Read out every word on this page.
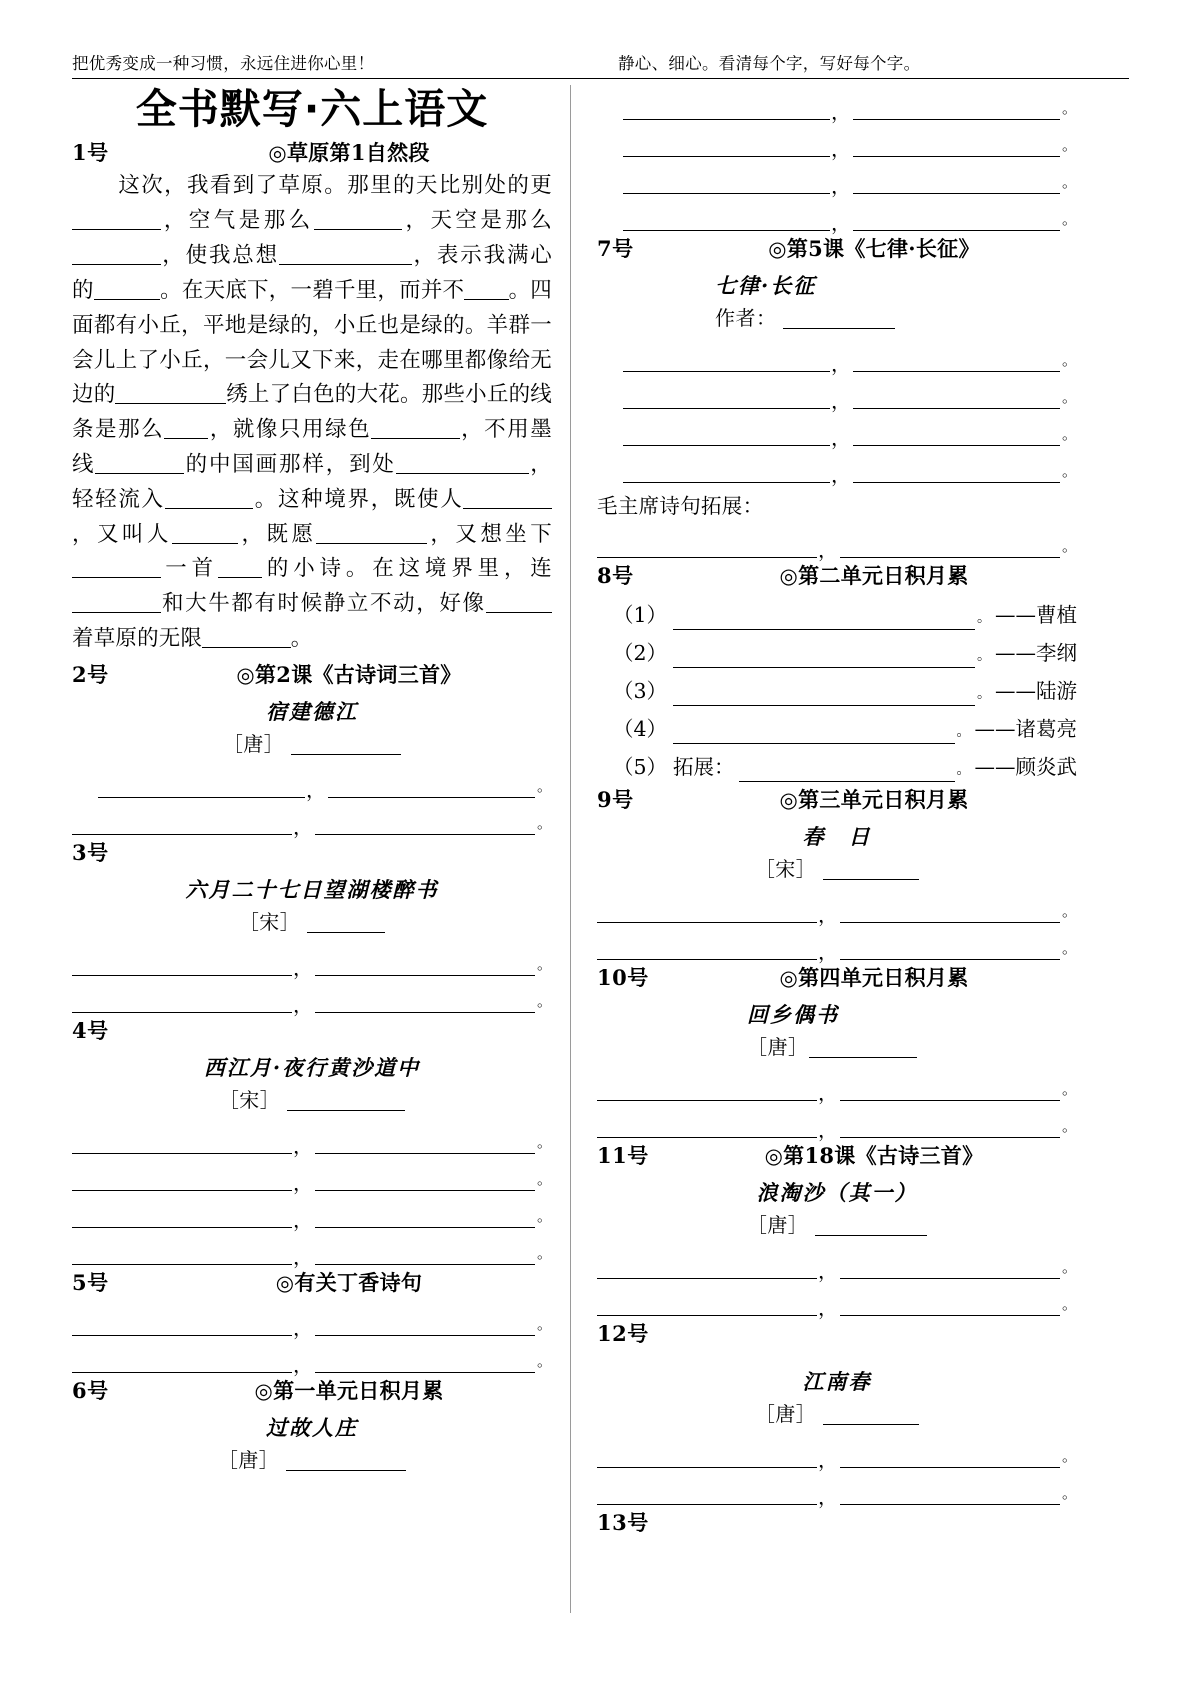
把优秀变成一种习惯，永远住进你心里！	静心、细心。看清每个字，写好每个字。
全书默写·六上语文
1号	◎草原第1自然段
这次，我看到了草原。那里的天比别处的更，空气是那么	，天空是那么，使我总想	，表示我满心的	。在天底下，一碧千里，而并不 。四面都有小丘，平地是绿的，小丘也是绿的。羊群一会儿上了小丘，一会儿又下来，走在哪里都像给无边的	绣上了白色的大花。那些小丘的线条是那么 ，就像只用绿色	，不用墨线	的中国画那样，到处	，轻轻流入	。这种境界，既使人，又叫人	，既愿	，又想坐下一首 的小诗。在这境界里，连和大牛都有时候静立不动，好像着草原的无限	。
2号	◎第2课《古诗词三首》
宿建德江
［唐］
，	。
，	。
3号
六月二十七日望湖楼醉书
［宋］
，	。
，	。
4号
西江月·夜行黄沙道中
［宋］
，	。
，	。
，	。
，	。
5号	◎有关丁香诗句
，	。
，	。
6号	◎第一单元日积月累
过故人庄
［唐］
，	。
，	。
，	。
，	。
7号	◎第5课《七律·长征》
七律·长征
作者：
，	。
，	。
，	。
，	。
毛主席诗句拓展：
，	。
8号	◎第二单元日积月累
（1）	。 ——曹植
（2）	。 ——李纲
（3）	。 ——陆游
（4）	。 ——诸葛亮
（5） 拓展：	。 ——顾炎武
9号	◎第三单元日积月累
春　日
［宋］
，	。
，	。
10号	◎第四单元日积月累
回乡偶书
［唐］
，	。
，	。
11号	◎第18课《古诗三首》
浪淘沙（其一）
［唐］
，	。
，	。
12号
江南春
［唐］
，	。
，	。
13号
